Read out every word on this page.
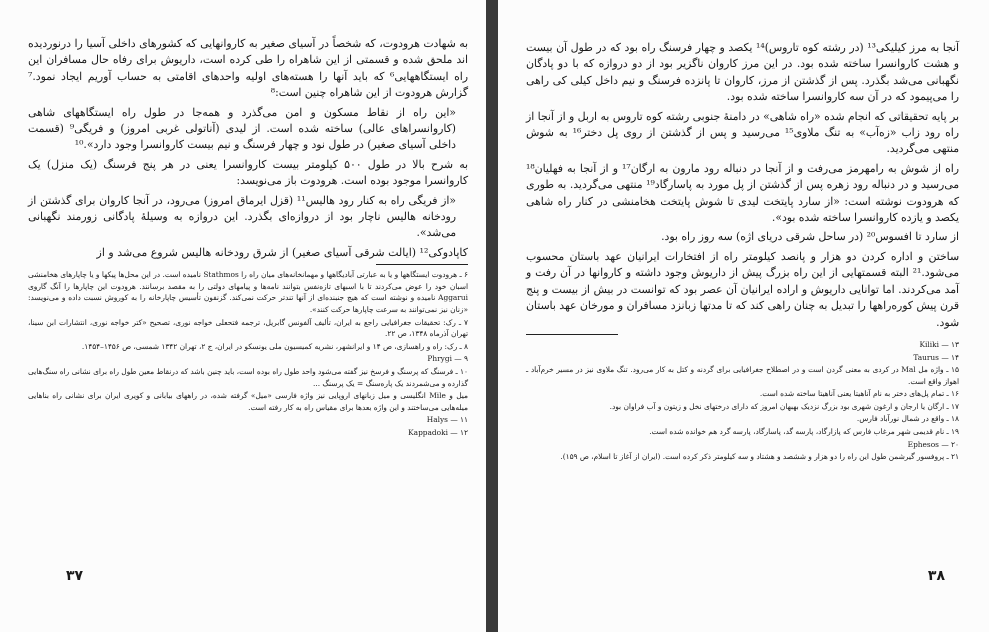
به شهادت هرودوت، که شخصاً در آسیای صغیر به کاروانهایی که کشورهای داخلی آسیا را درنوردیده اند ملحق شده و قسمتی از این شاهراه را طی کرده است، داریوش برای رفاه حال مسافران این راه ایستگاههایی⁶ که باید آنها را هسته‌های اولیه واحدهای اقامتی به حساب آوریم ایجاد نمود.⁷ گزارش هرودوت از این شاهراه چنین است:⁸

«این راه از نقاط مسکون و امن می‌گذرد و همه‌جا در طول راه ایستگاههای شاهی (کاروانسراهای عالی) ساخته شده است. از لیدی (آناتولی غربی امروز) و فریگی⁹ (قسمت داخلی آسیای صغیر) در طول نود و چهار فرسنگ و نیم بیست کاروانسرا وجود دارد».¹⁰

به شرح بالا در طول ۵۰۰ کیلومتر بیست کاروانسرا یعنی در هر پنج فرسنگ (یک منزل) یک کاروانسرا موجود بوده است. هرودوت باز می‌نویسد:

«از فریگی راه به کنار رود هالیس¹¹ (قزل ایرماق امروز) می‌رود، در آنجا کاروان برای گذشتن از رودخانه هالیس ناچار بود از دروازه‌ای بگذرد. این دروازه به وسیلهٔ پادگانی زورمند نگهبانی می‌شد».

کاپادوکی¹² (ایالت شرقی آسیای صغیر) از شرق رودخانه هالیس شروع می‌شد و از

۶ ـ هرودوت ایستگاهها و یا به عبارتی آبادیگاهها و مهمانخانه‌های میان راه را Stathmos نامیده است. در این محل‌ها پیکها و یا چاپارهای هخامنشی اسبان خود را عوض می‌کردند تا با اسبهای تازه‌نفس بتوانند نامه‌ها و پیامهای دولتی را به مقصد برسانند. هرودوت این چاپارها را آنگ گاروی Aggarui نامیده و نوشته است که هیچ جنبنده‌ای از آنها تندتر حرکت نمی‌کند. گزنفون تأسیس چاپارخانه را به کوروش نسبت داده و می‌نویسد: «زنان نیز نمی‌توانند به سرعت چاپارها حرکت کنند».

۷ ـ رک: تحقیقات جغرافیایی راجع به ایران، تألیف آلفونس گابریل، ترجمه فتحعلی خواجه نوری، تصحیح «کتر خواجه نوری، انتشارات ابن سینا، تهران آذرماه ۱۳۴۸، ص ۲۲.

۸ ـ رک: راه و راهسازی، ص ۱۴ و ایرانشهر، نشریه کمیسیون ملی یونسکو در ایران، ج ۲، تهران ۱۳۴۲ شمسی، ص ۱۴۵۶–۱۴۵۴.

Phrygi — ۹

۱۰ ـ فرسنگ که پرسنگ و فرسخ نیز گفته می‌شود واحد طول راه بوده است، باید چنین باشد که درنقاط معین طول راه برای نشانی راه سنگ‌هایی گذارده و می‌شمردند یک پاره‌سنگ = یک پرسنگ ...

میل و Mile انگلیسی و میل زبانهای اروپایی نیز واژه فارسی «میل» گرفته شده، در راههای بیابانی و کویری ایران برای نشانی راه بناهایی میله‌هایی می‌ساختند و این واژه بعدها برای مقیاس راه به کار رفته است.

Halys — ۱۱

Kappadoki — ۱۲

۳۷

آنجا به مرز کیلیکی¹³ (در رشته کوه تاروس)¹⁴ یکصد و چهار فرسنگ راه بود که در طول آن بیست و هشت کاروانسرا ساخته شده بود. در این مرز کاروان ناگزیر بود از دو دروازه که با دو پادگان نگهبانی می‌شد بگذرد. پس از گذشتن از مرز، کاروان تا پانزده فرسنگ و نیم داخل کیلی کی راهی را می‌پیمود که در آن سه کاروانسرا ساخته شده بود.

بر پایه تحقیقاتی که انجام شده «راه شاهی» در دامنهٔ جنوبی رشته کوه تاروس به اربل و از آنجا از راه رود زاب «زه‌آب» به تنگ ملاوی¹⁵ می‌رسید و پس از گذشتن از روی پل دختر¹⁶ به شوش منتهی می‌گردید.

راه از شوش به رامهرمز می‌رفت و از آنجا در دنباله رود مارون به ارگان¹⁷ و از آنجا به فهلیان¹⁸ می‌رسید و در دنباله رود زهره پس از گذشتن از پل مورد به پاسارگاد¹⁹ منتهی می‌گردید. به طوری که هرودوت نوشته است: «از سارد پایتخت لیدی تا شوش پایتخت هخامنشی در کنار راه شاهی یکصد و یازده کاروانسرا ساخته شده بود».

از سارد تا افسوس²⁰ (در ساحل شرقی دریای اژه) سه روز راه بود.

ساختن و اداره کردن دو هزار و پانصد کیلومتر راه از افتخارات ایرانیان عهد باستان محسوب می‌شود.²¹ البته قسمتهایی از این راه بزرگ پیش از داریوش وجود داشته و کاروانها در آن رفت و آمد می‌کردند. اما توانایی داریوش و اراده ایرانیان آن عصر بود که توانست در بیش از بیست و پنج قرن پیش کوره‌راهها را تبدیل به چنان راهی کند که تا مدتها زبانزد مسافران و مورخان عهد باستان شود.

Kiliki — ۱۳

Taurus — ۱۴

۱۵ ـ واژه مل Mal در کردی به معنی گردن است و در اصطلاح جغرافیایی برای گردنه و کتل به کار می‌رود. تنگ ملاوی نیز در مسیر خرم‌آباد ـ اهواز واقع است.

۱۶ ـ تمام پل‌های دختر به نام آناهیتا یعنی آناهیتا ساخته شده است.

۱۷ ـ ارگان یا ارجان و ارغون شهری بود بزرگ نزدیک بهبهان امروز که دارای درختهای نخل و زیتون و آب فراوان بود.

۱۸ ـ واقع در شمال نورآباد فارس.

۱۹ ـ نام قدیمی شهر مرغاب فارس که پازارگاد، پارسه گد، پاسارگاد، پارسه گرد هم خوانده شده است.

Ephesos — ۲۰

۲۱ ـ پروفسور گیرشمن طول این راه را دو هزار و ششصد و هشتاد و سه کیلومتر ذکر کرده است. (ایران از آغاز تا اسلام، ص ۱۵۹).

۳۸
